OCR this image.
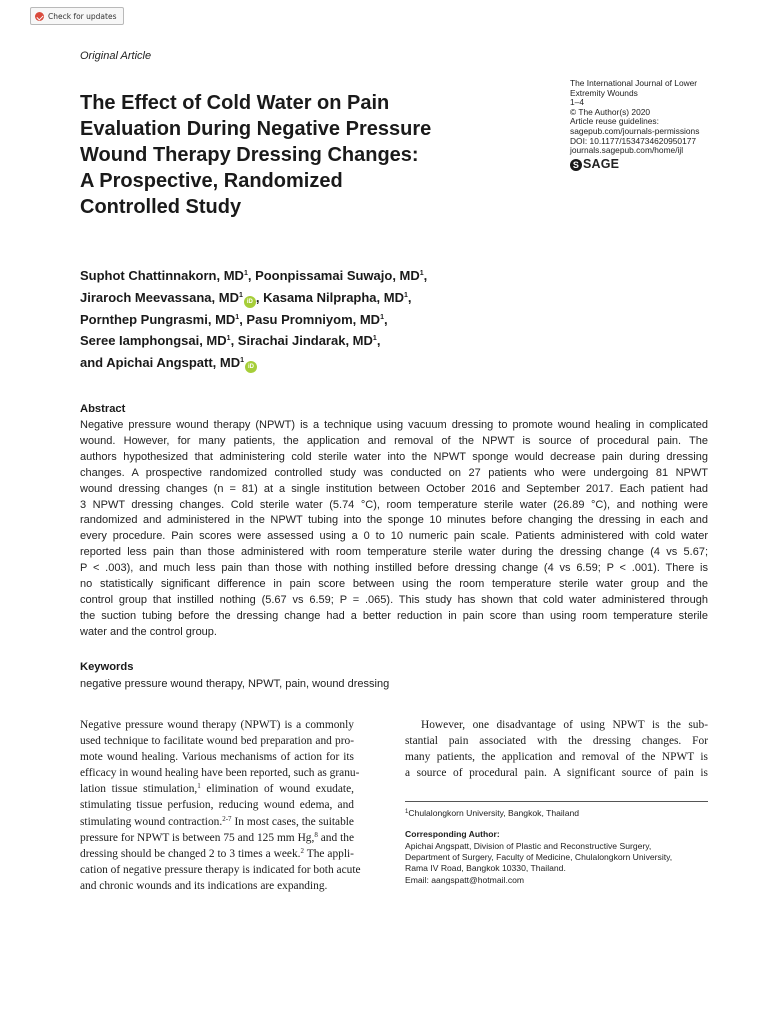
Check for updates
Original Article
The Effect of Cold Water on Pain
Evaluation During Negative Pressure
Wound Therapy Dressing Changes:
A Prospective, Randomized
Controlled Study
The International Journal of Lower
Extremity Wounds
1–4
© The Author(s) 2020
Article reuse guidelines:
sagepub.com/journals-permissions
DOI: 10.1177/1534734620950177
journals.sagepub.com/home/ijl
S SAGE
Suphot Chattinnakorn, $MD^1$, Poonpissamai Suwajo, $MD^1$,
Jiraroch Meevassana, $MD^1iD$ , Kasama Nilprapha, $MD^1$,
Pornthep Pungrasmi, $MD^1$, Pasu Promniyom, $MD^1$,
Seree Iamphongsai, $MD^1$, Sirachai Jindarak, $MD^1$,
and Apichai Angspatt, $MD^1iD$
Abstract
Negative pressure wound therapy (NPWT) is a technique using vacuum dressing to promote wound healing in complicated
wound. However, for many patients, the application and removal of the NPWT is source of procedural pain. The
authors hypothesized that administering cold sterile water into the NPWT sponge would decrease pain during dressing
changes. A prospective randomized controlled study was conducted on 27 patients who were undergoing 81 NPWT
wound dressing changes (n = 81) at a single institution between October 2016 and September 2017. Each patient had
3 NPWT dressing changes. Cold sterile water (5.74 °C), room temperature sterile water (26.89 °C), and nothing were
randomized and administered in the NPWT tubing into the sponge 10 minutes before changing the dressing in each and
every procedure. Pain scores were assessed using a 0 to 10 numeric pain scale. Patients administered with cold water
reported less pain than those administered with room temperature sterile water during the dressing change (4 vs 5.67;
P < .003), and much less pain than those with nothing instilled before dressing change (4 vs 6.59; P < .001). There is
no statistically significant difference in pain score between using the room temperature sterile water group and the
control group that instilled nothing (5.67 vs 6.59; P = .065). This study has shown that cold water administered through
the suction tubing before the dressing change had a better reduction in pain score than using room temperature sterile
water and the control group.
Keywords
negative pressure wound therapy, NPWT, pain, wound dressing
Negative pressure wound therapy (NPWT) is a commonly
used technique to facilitate wound bed preparation and pro-
mote wound healing. Various mechanisms of action for its
efficacy in wound healing have been reported, such as granu-
lation tissue stimulation,$^1$ elimination of wound exudate,
stimulating tissue perfusion, reducing wound edema, and
stimulating wound contraction.$^{2-7}$ In most cases, the suitable
pressure for NPWT is between 75 and 125 mm Hg,$^8$ and the
dressing should be changed 2 to 3 times a week.$^2$ The appli-
cation of negative pressure therapy is indicated for both acute
and chronic wounds and its indications are expanding.
However, one disadvantage of using NPWT is the sub-
stantial pain associated with the dressing changes. For
many patients, the application and removal of the NPWT is
a source of procedural pain. A significant source of pain is
$^1$Chulalongkorn University, Bangkok, Thailand
Corresponding Author:
Apichai Angspatt, Division of Plastic and Reconstructive Surgery,
Department of Surgery, Faculty of Medicine, Chulalongkorn University,
Rama IV Road, Bangkok 10330, Thailand.
Email: aangspatt@hotmail.com
